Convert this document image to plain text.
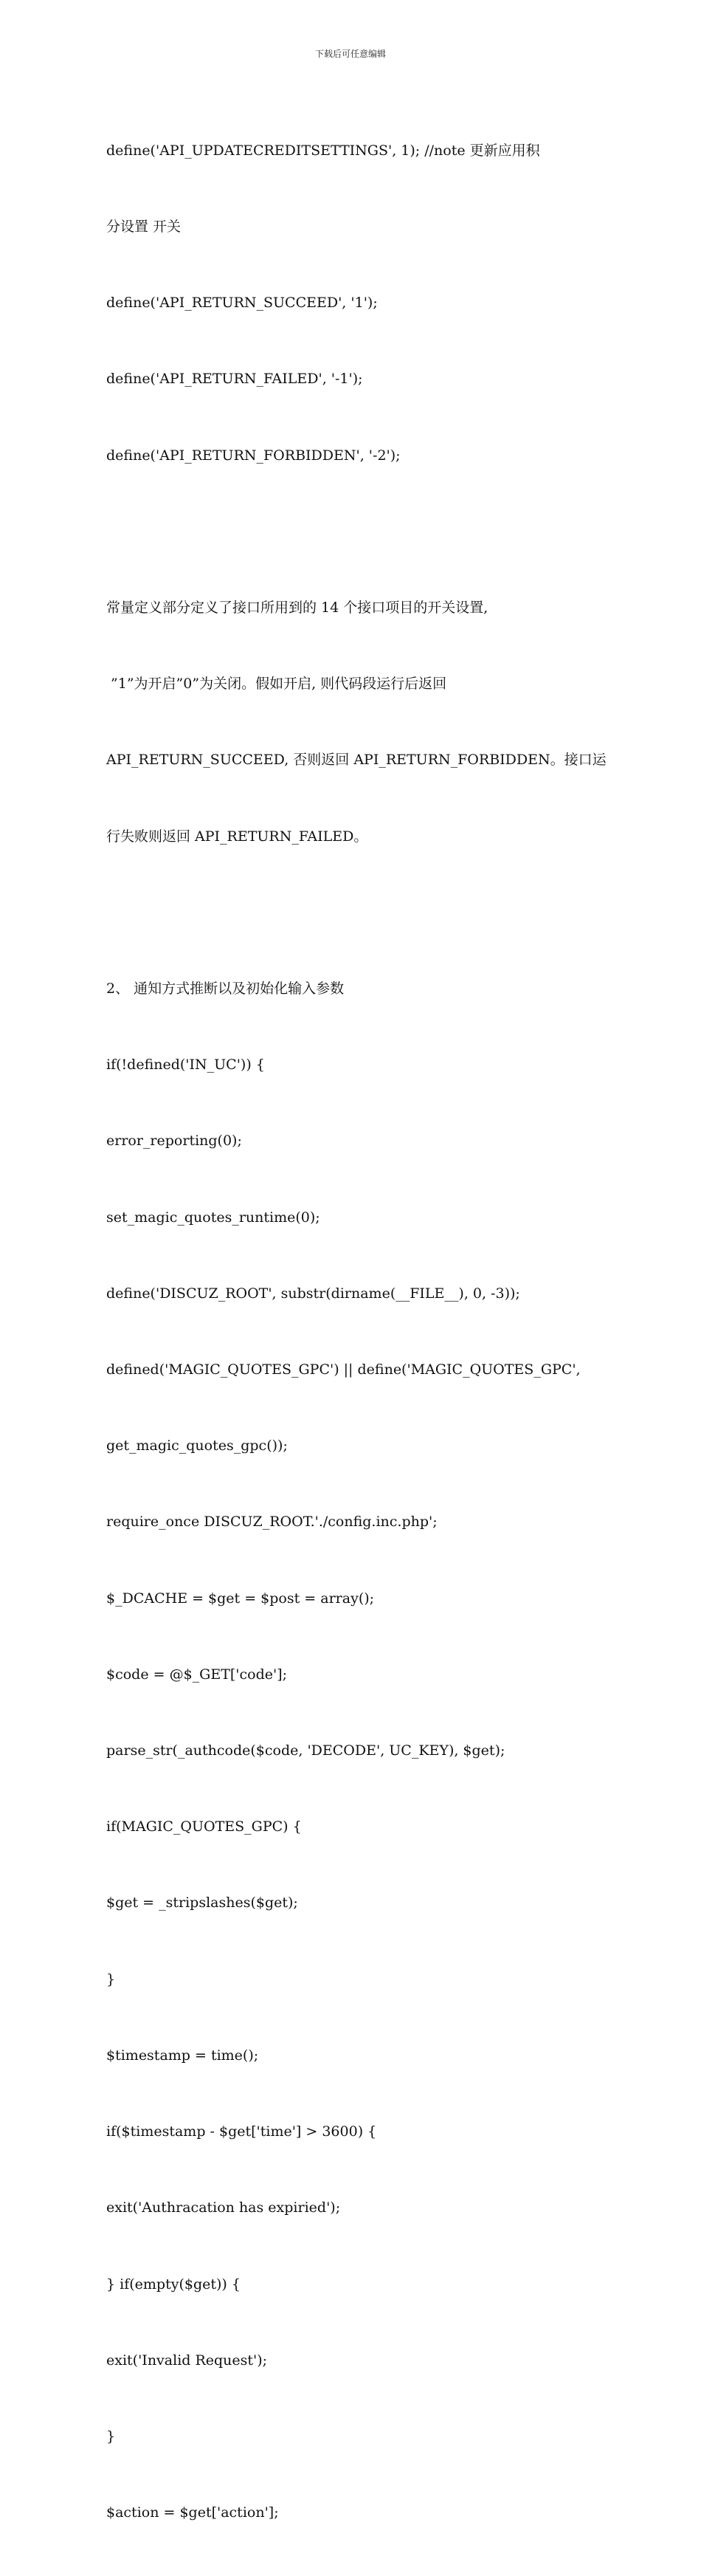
下载后可任意编辑

define('API_UPDATECREDITSETTINGS', 1); //note 更新应用积

分设置 开关

define('API_RETURN_SUCCEED', '1');

define('API_RETURN_FAILED', '-1');

define('API_RETURN_FORBIDDEN', '-2');

常量定义部分定义了接口所用到的 14 个接口项目的开关设置,

”1”为开启”0”为关闭。假如开启, 则代码段运行后返回

API_RETURN_SUCCEED, 否则返回 API_RETURN_FORBIDDEN。接口运

行失败则返回 API_RETURN_FAILED。

2、 通知方式推断以及初始化输入参数

if(!defined('IN_UC')) {

error_reporting(0);

set_magic_quotes_runtime(0);

define('DISCUZ_ROOT', substr(dirname(__FILE__), 0, -3));

defined('MAGIC_QUOTES_GPC') || define('MAGIC_QUOTES_GPC',

get_magic_quotes_gpc());

require_once DISCUZ_ROOT.'./config.inc.php';

$_DCACHE = $get = $post = array();

$code = @$_GET['code'];

parse_str(_authcode($code, 'DECODE', UC_KEY), $get);

if(MAGIC_QUOTES_GPC) {

$get = _stripslashes($get);

}

$timestamp = time();

if($timestamp - $get['time'] > 3600) {

exit('Authracation has expiried');

} if(empty($get)) {

exit('Invalid Request');

}

$action = $get['action'];
